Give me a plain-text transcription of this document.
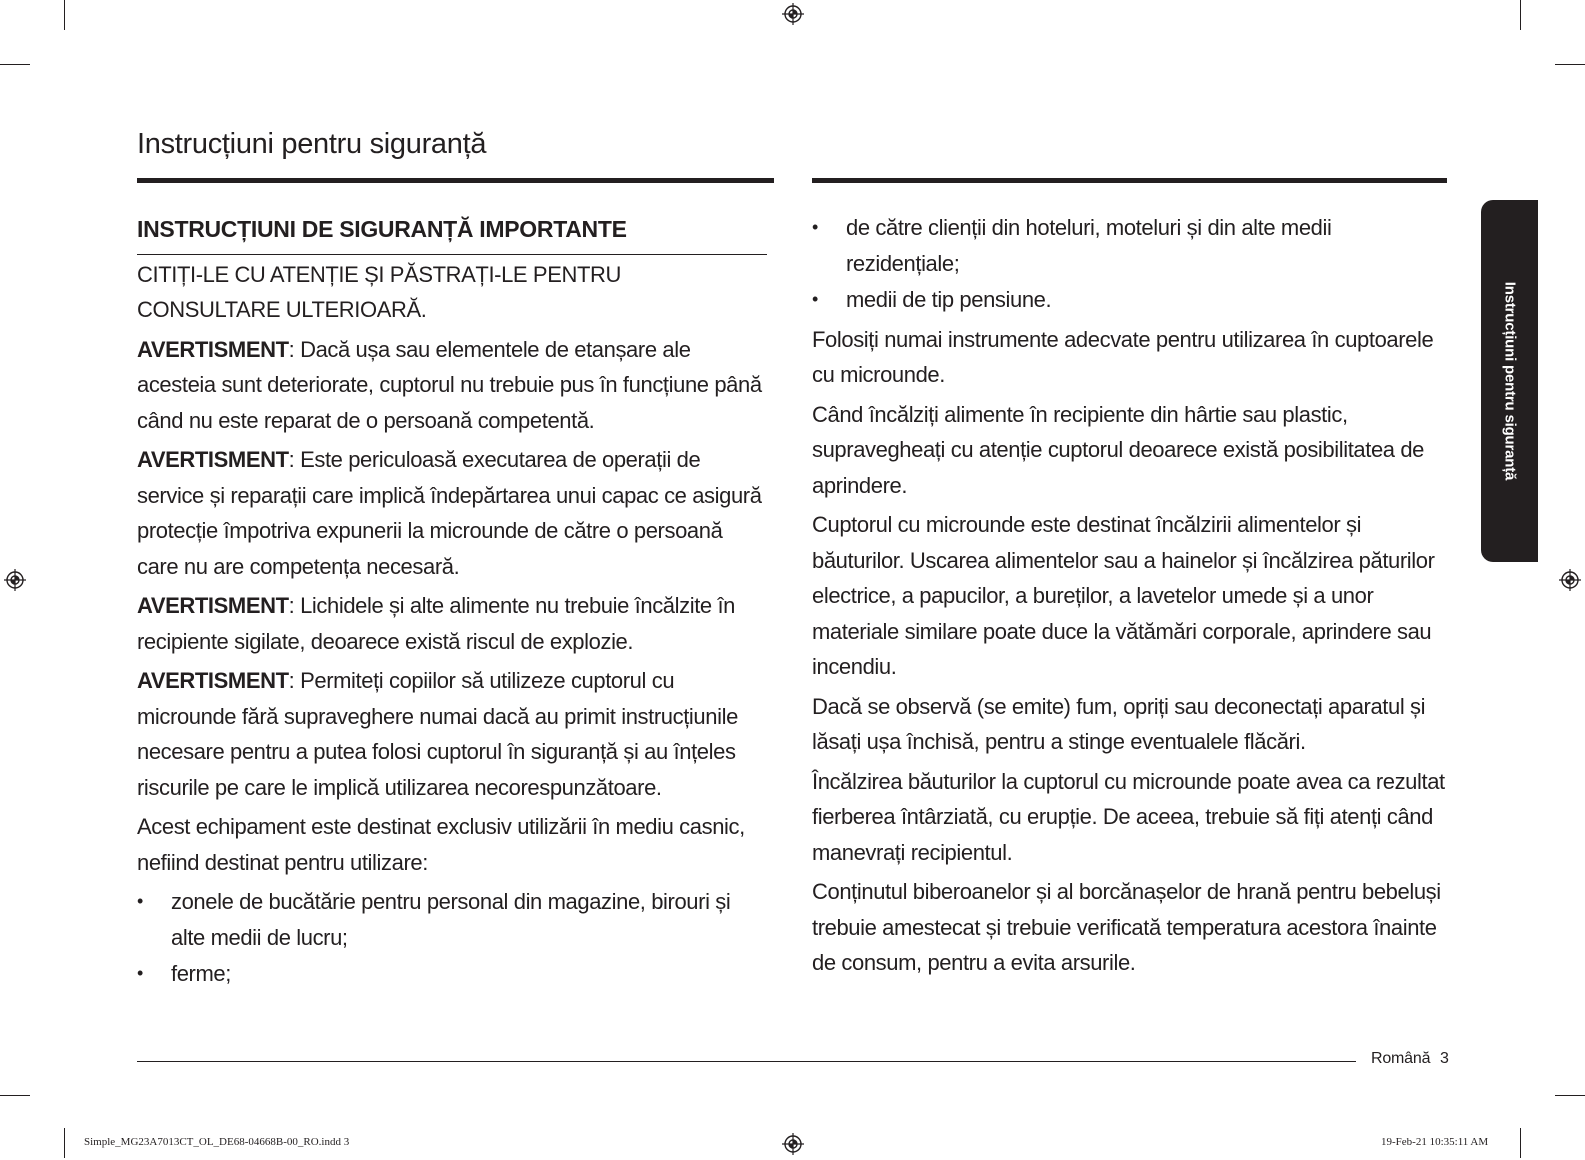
Instrucțiuni pentru siguranță
INSTRUCȚIUNI DE SIGURANȚĂ IMPORTANTE

CITIȚI-LE CU ATENȚIE ȘI PĂSTRAȚI-LE PENTRU CONSULTARE ULTERIOARĂ.

AVERTISMENT: Dacă ușa sau elementele de etanșare ale acesteia sunt deteriorate, cuptorul nu trebuie pus în funcțiune până când nu este reparat de o persoană competentă.

AVERTISMENT: Este periculoasă executarea de operații de service și reparații care implică îndepărtarea unui capac ce asigură protecție împotriva expunerii la microunde de către o persoană care nu are competența necesară.

AVERTISMENT: Lichidele și alte alimente nu trebuie încălzite în recipiente sigilate, deoarece există riscul de explozie.

AVERTISMENT: Permiteți copiilor să utilizeze cuptorul cu microunde fără supraveghere numai dacă au primit instrucțiunile necesare pentru a putea folosi cuptorul în siguranță și au înțeles riscurile pe care le implică utilizarea necorespunzătoare.

Acest echipament este destinat exclusiv utilizării în mediu casnic, nefiind destinat pentru utilizare:

• zonele de bucătărie pentru personal din magazine, birouri și alte medii de lucru;
• ferme;
• de către clienții din hoteluri, moteluri și din alte medii rezidențiale;
• medii de tip pensiune.

Folosiți numai instrumente adecvate pentru utilizarea în cuptoarele cu microunde.

Când încălziți alimente în recipiente din hârtie sau plastic, supravegheați cu atenție cuptorul deoarece există posibilitatea de aprindere.

Cuptorul cu microunde este destinat încălzirii alimentelor și băuturilor. Uscarea alimentelor sau a hainelor și încălzirea păturilor electrice, a papucilor, a bureților, a lavetelor umede și a unor materiale similare poate duce la vătămări corporale, aprindere sau incendiu.

Dacă se observă (se emite) fum, opriți sau deconectați aparatul și lăsați ușa închisă, pentru a stinge eventualele flăcări.

Încălzirea băuturilor la cuptorul cu microunde poate avea ca rezultat fierberea întârziată, cu erupție. De aceea, trebuie să fiți atenți când manevrați recipientul.

Conținutul biberoanelor și al borcănașelor de hrană pentru bebeluși trebuie amestecat și trebuie verificată temperatura acestora înainte de consum, pentru a evita arsurile.

Instrucțiuni pentru siguranță
Română 3
Simple_MG23A7013CT_OL_DE68-04668B-00_RO.indd 3	19-Feb-21 10:35:11 AM
